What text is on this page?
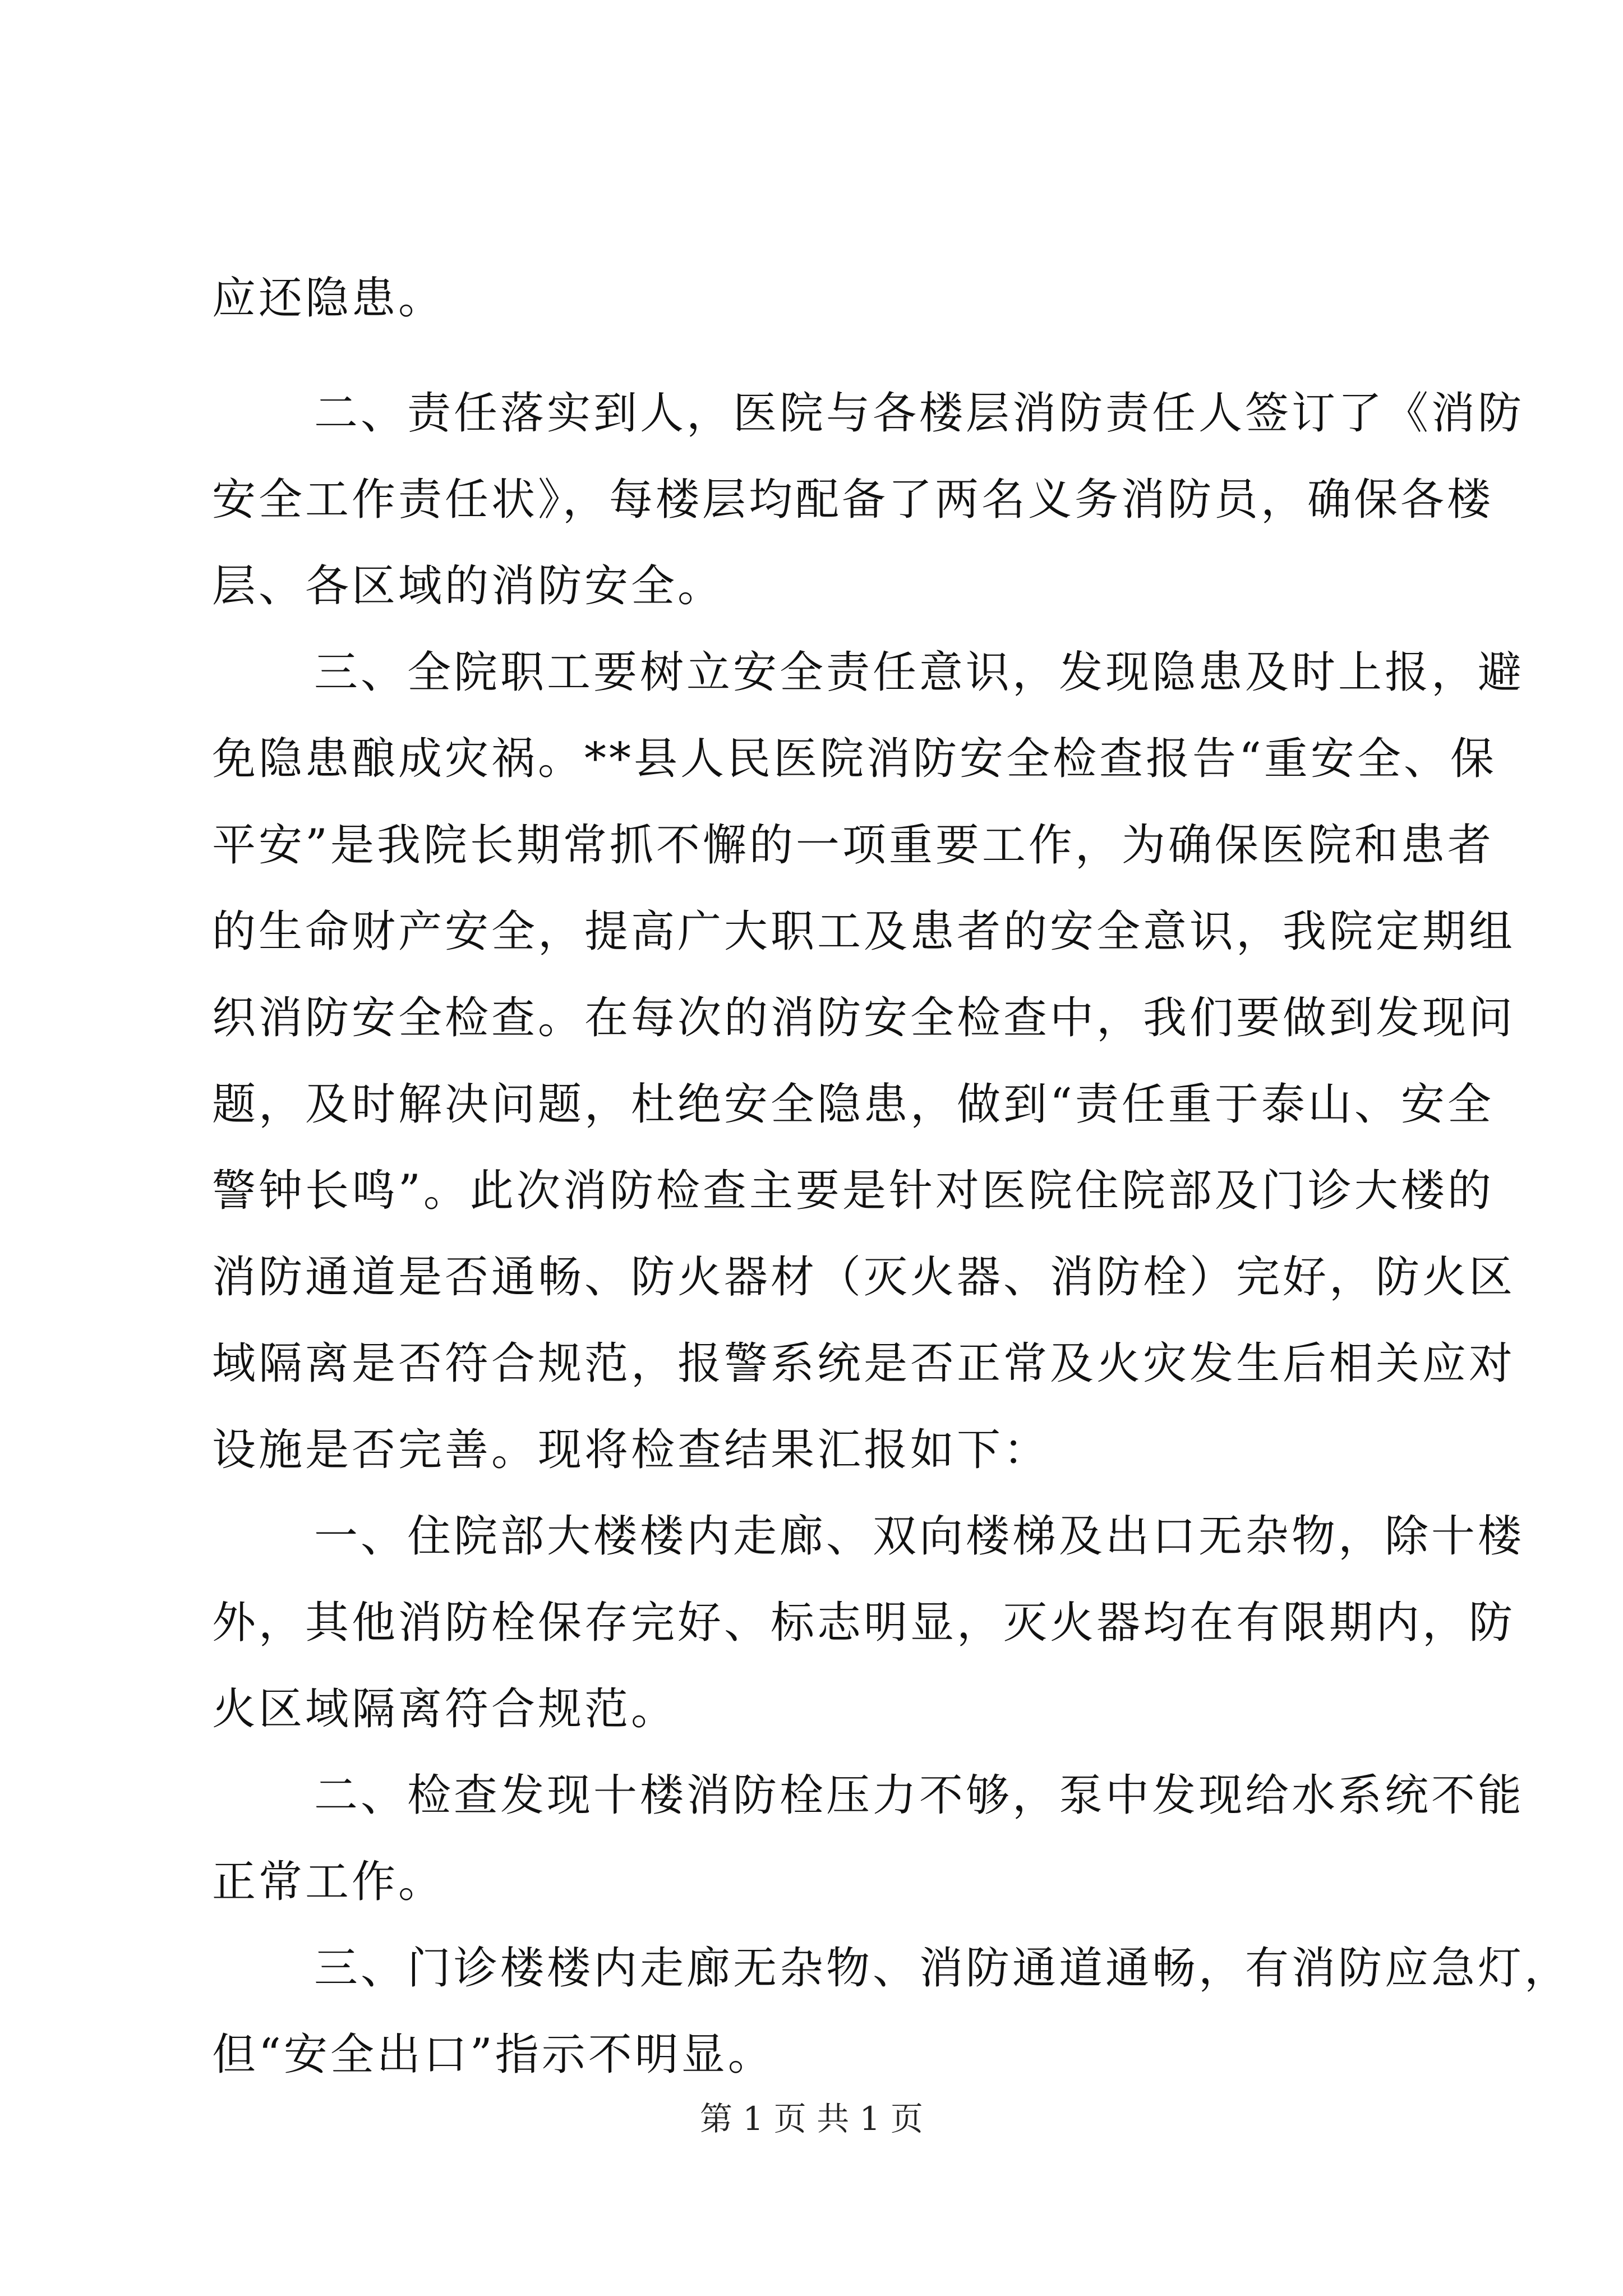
应还隐患。
二、责任落实到人，医院与各楼层消防责任人签订了《消防
安全工作责任状》，每楼层均配备了两名义务消防员，确保各楼
层、各区域的消防安全。
三、全院职工要树立安全责任意识，发现隐患及时上报，避
免隐患酿成灾祸。**县人民医院消防安全检查报告“重安全、保
平安”是我院长期常抓不懈的一项重要工作，为确保医院和患者
的生命财产安全，提高广大职工及患者的安全意识，我院定期组
织消防安全检查。在每次的消防安全检查中，我们要做到发现问
题，及时解决问题，杜绝安全隐患，做到“责任重于泰山、安全
警钟长鸣”。此次消防检查主要是针对医院住院部及门诊大楼的
消防通道是否通畅、防火器材（灭火器、消防栓）完好，防火区
域隔离是否符合规范，报警系统是否正常及火灾发生后相关应对
设施是否完善。现将检查结果汇报如下：
一、住院部大楼楼内走廊、双向楼梯及出口无杂物，除十楼
外，其他消防栓保存完好、标志明显，灭火器均在有限期内，防
火区域隔离符合规范。
二、检查发现十楼消防栓压力不够，泵中发现给水系统不能
正常工作。
三、门诊楼楼内走廊无杂物、消防通道通畅，有消防应急灯，
但“安全出口”指示不明显。
第 1 页 共 1 页
